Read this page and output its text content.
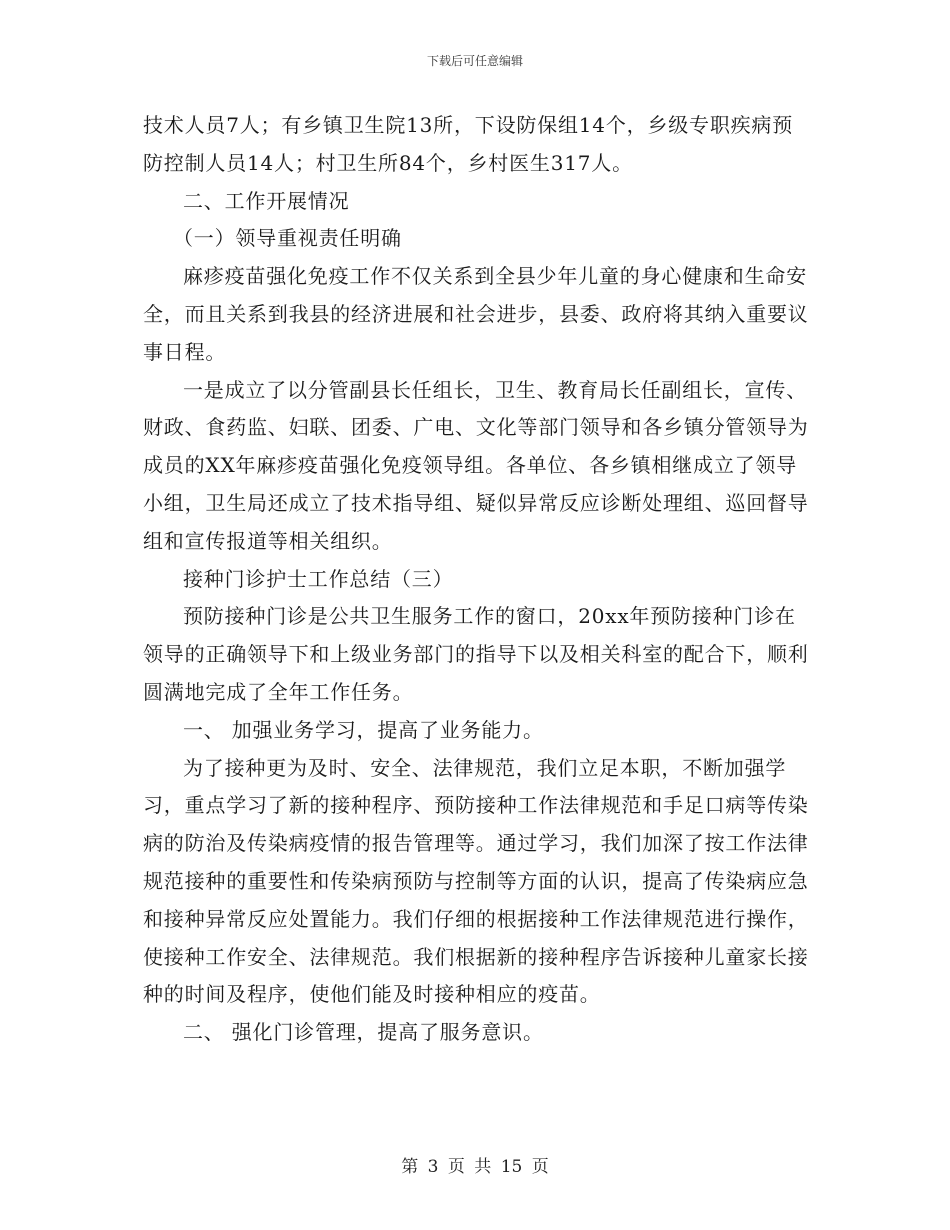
下载后可任意编辑

技术人员7人；有乡镇卫生院13所，下设防保组14个，乡级专职疾病预防控制人员14人；村卫生所84个，乡村医生317人。

二、工作开展情况

（一）领导重视责任明确

麻疹疫苗强化免疫工作不仅关系到全县少年儿童的身心健康和生命安全，而且关系到我县的经济进展和社会进步，县委、政府将其纳入重要议事日程。

一是成立了以分管副县长任组长，卫生、教育局长任副组长，宣传、财政、食药监、妇联、团委、广电、文化等部门领导和各乡镇分管领导为成员的XX年麻疹疫苗强化免疫领导组。各单位、各乡镇相继成立了领导小组，卫生局还成立了技术指导组、疑似异常反应诊断处理组、巡回督导组和宣传报道等相关组织。

接种门诊护士工作总结（三）

预防接种门诊是公共卫生服务工作的窗口，20xx年预防接种门诊在领导的正确领导下和上级业务部门的指导下以及相关科室的配合下，顺利圆满地完成了全年工作任务。

一、 加强业务学习，提高了业务能力。

为了接种更为及时、安全、法律规范，我们立足本职，不断加强学习，重点学习了新的接种程序、预防接种工作法律规范和手足口病等传染病的防治及传染病疫情的报告管理等。通过学习，我们加深了按工作法律规范接种的重要性和传染病预防与控制等方面的认识，提高了传染病应急和接种异常反应处置能力。我们仔细的根据接种工作法律规范进行操作，使接种工作安全、法律规范。我们根据新的接种程序告诉接种儿童家长接种的时间及程序，使他们能及时接种相应的疫苗。

二、 强化门诊管理，提高了服务意识。

第 3 页 共 15 页
